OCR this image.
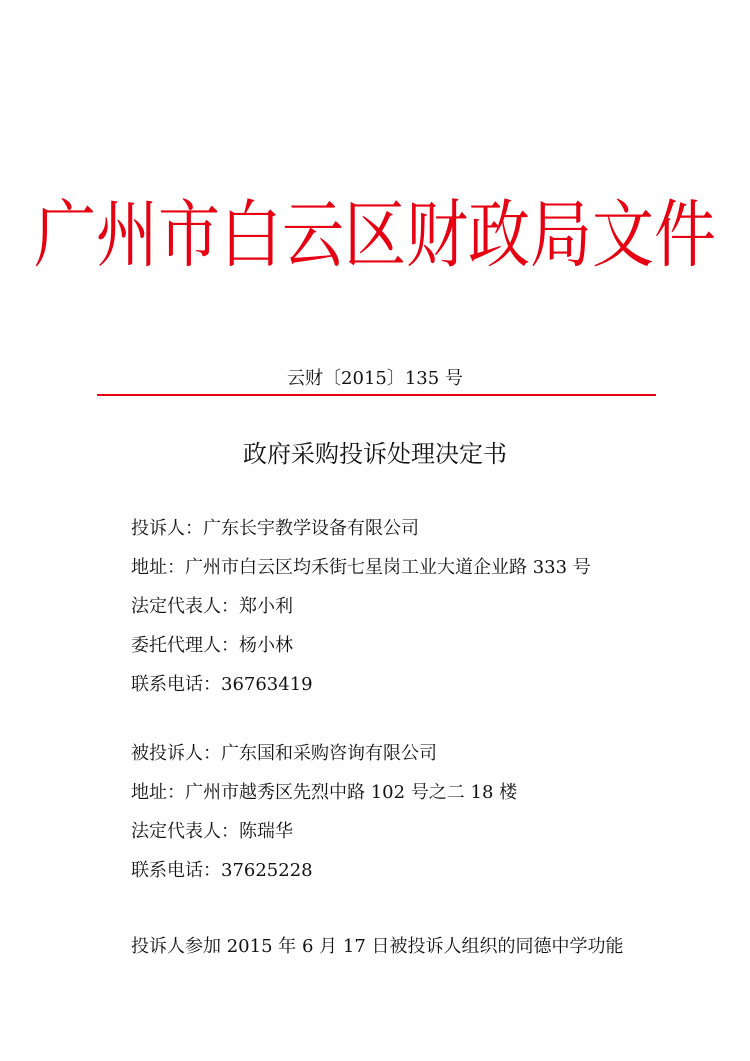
广州市白云区财政局文件
云财〔2015〕135 号
政府采购投诉处理决定书
投诉人：广东长宇教学设备有限公司
地址：广州市白云区均禾街七星岗工业大道企业路 333 号
法定代表人：郑小利
委托代理人：杨小林
联系电话：36763419
被投诉人：广东国和采购咨询有限公司
地址：广州市越秀区先烈中路 102 号之二 18 楼
法定代表人：陈瑞华
联系电话：37625228
投诉人参加 2015 年 6 月 17 日被投诉人组织的同德中学功能
